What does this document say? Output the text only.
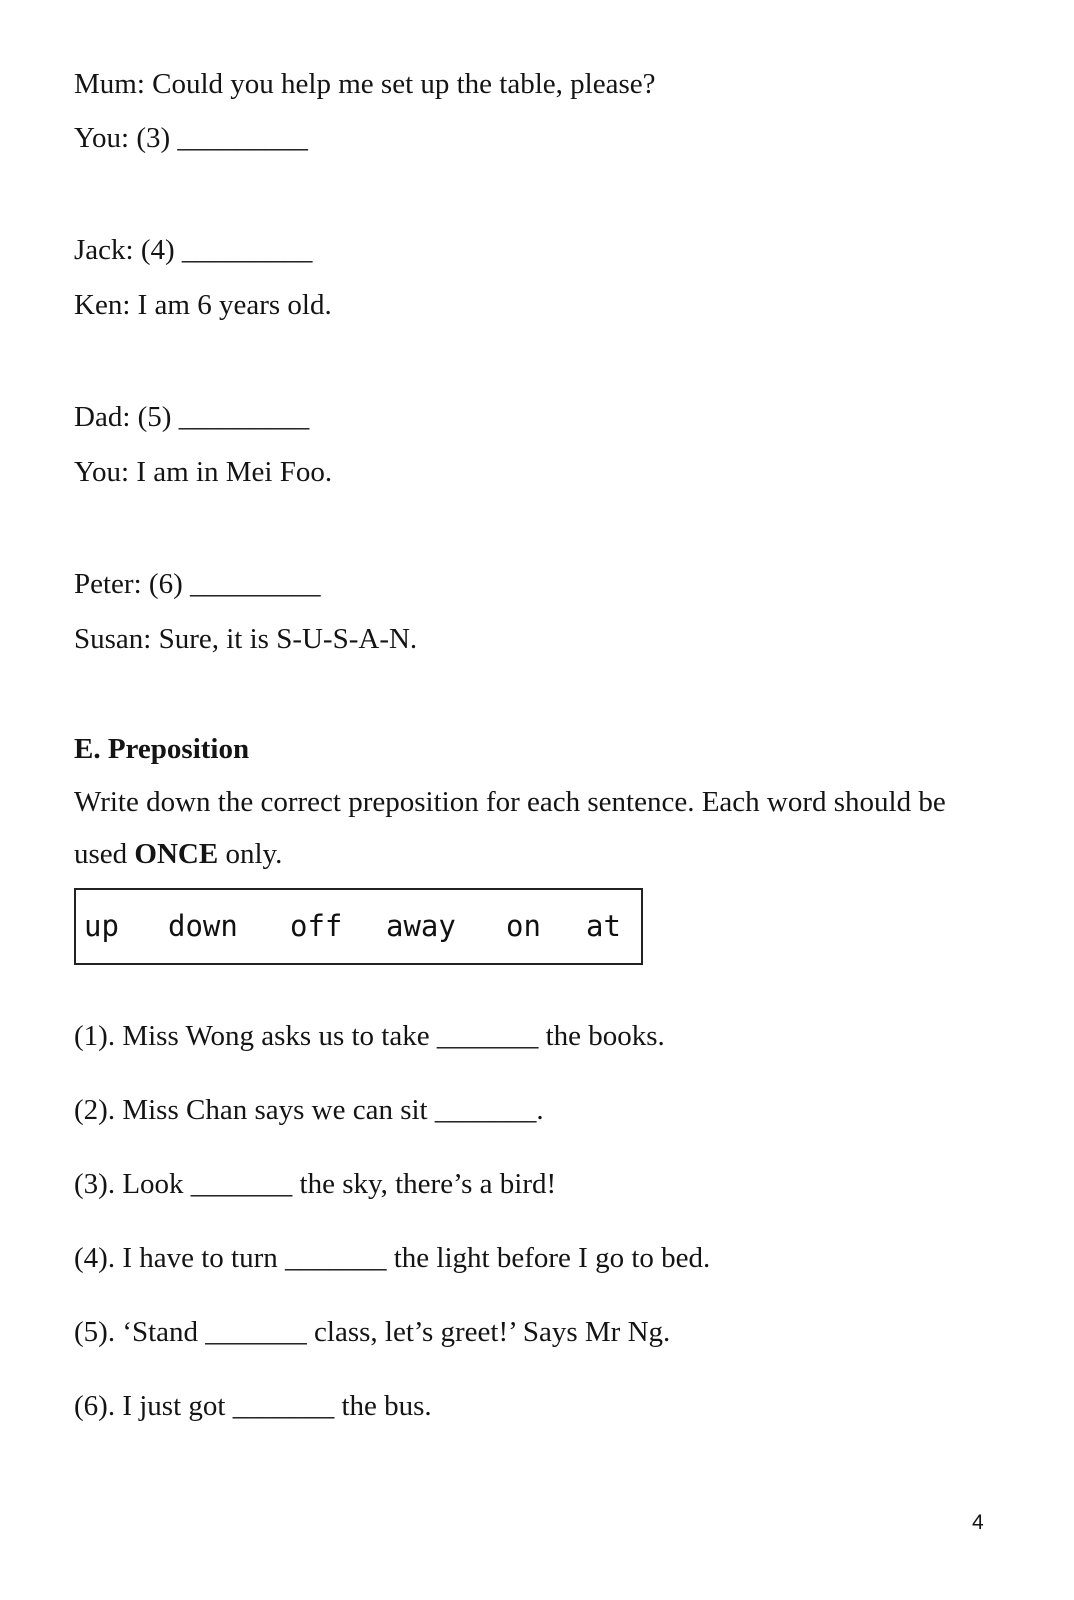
Mum: Could you help me set up the table, please?
You: (3) _________
Jack: (4) _________
Ken: I am 6 years old.
Dad: (5) _________
You: I am in Mei Foo.
Peter: (6) _________
Susan: Sure, it is S-U-S-A-N.
E. Preposition
Write down the correct preposition for each sentence. Each word should be
used ONCE only.
up down off away on at
(1). Miss Wong asks us to take _______ the books.
(2). Miss Chan says we can sit _______.
(3). Look _______ the sky, there’s a bird!
(4). I have to turn _______ the light before I go to bed.
(5). ‘Stand _______ class, let’s greet!’ Says Mr Ng.
(6). I just got _______ the bus.
4
